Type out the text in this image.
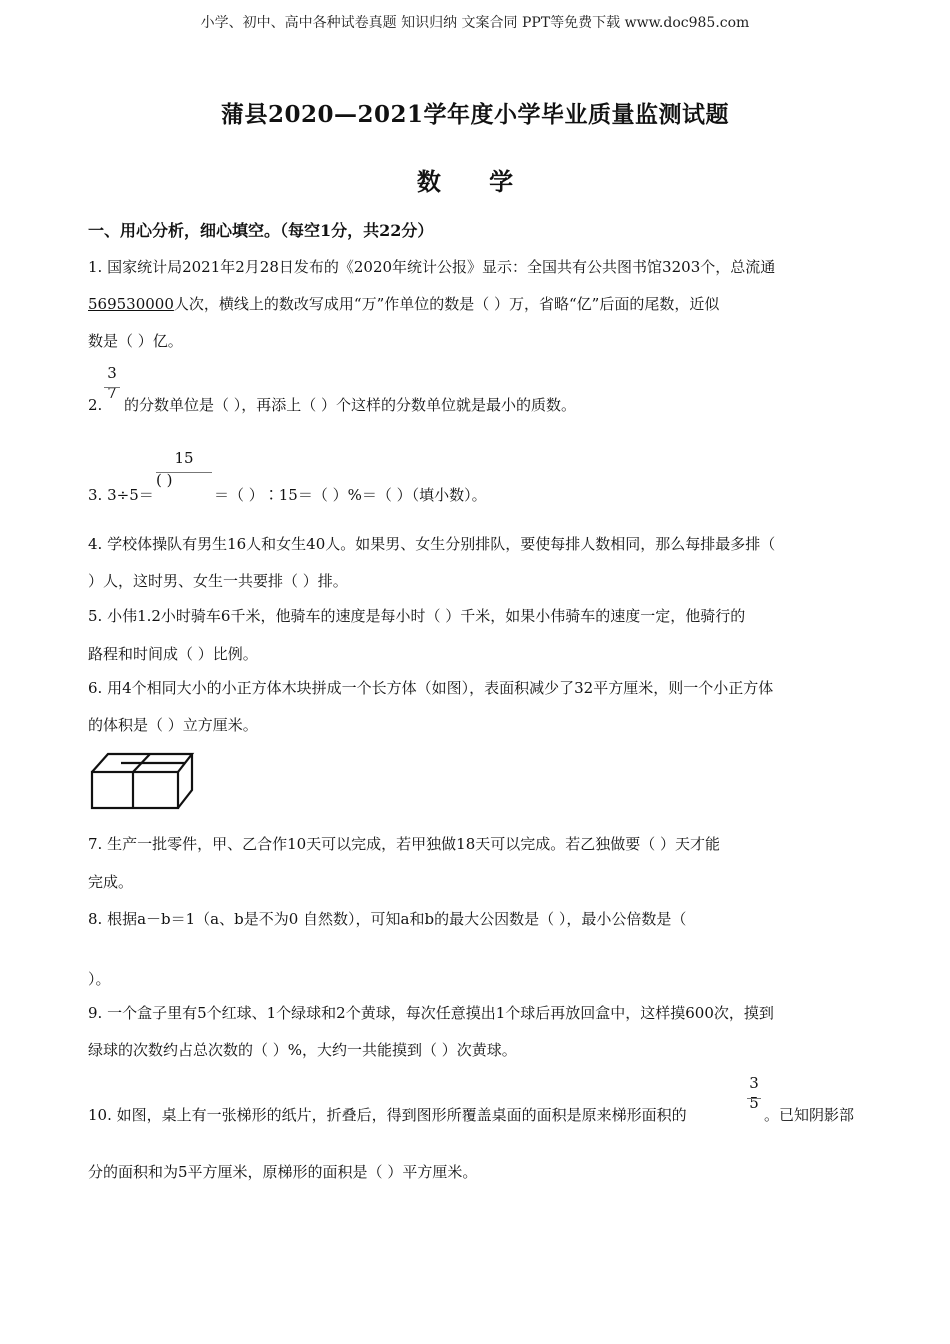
小学、初中、高中各种试卷真题 知识归纳 文案合同 PPT等免费下载 www.doc985.com
蒲县2020—2021学年度小学毕业质量监测试题
数 学
一、用心分析，细心填空。（每空1分，共22分）
1. 国家统计局2021年2月28日发布的《2020年统计公报》显示：全国共有公共图书馆3203个，总流通
569530000人次，横线上的数改写成用“万”作单位的数是（ ）万，省略“亿”后面的尾数，近似
数是（ ）亿。
3
7
2. 的分数单位是（ ），再添上（ ）个这样的分数单位就是最小的质数。
15
( )
3. 3÷5＝	＝（ ）∶15＝（ ）%＝（ ）（填小数）。
4. 学校体操队有男生16人和女生40人。如果男、女生分别排队，要使每排人数相同，那么每排最多排（
）人，这时男、女生一共要排（ ）排。
5. 小伟1.2小时骑车6千米，他骑车的速度是每小时（ ）千米，如果小伟骑车的速度一定，他骑行的
路程和时间成（ ）比例。
6. 用4个相同大小的小正方体木块拼成一个长方体（如图），表面积减少了32平方厘米，则一个小正方体
的体积是（ ）立方厘米。
7. 生产一批零件，甲、乙合作10天可以完成，若甲独做18天可以完成。若乙独做要（ ）天才能
完成。
8. 根据a－b＝1（a、b是不为0 自然数），可知a和b的最大公因数是（ ），最小公倍数是（
）。
9. 一个盒子里有5个红球、1个绿球和2个黄球，每次任意摸出1个球后再放回盒中，这样摸600次，摸到
绿球的次数约占总次数的（ ）%，大约一共能摸到（ ）次黄球。
10. 如图，桌上有一张梯形的纸片，折叠后，得到图形所覆盖桌面的面积是原来梯形面积的
3
5
。已知阴影部
分的面积和为5平方厘米，原梯形的面积是（ ）平方厘米。
